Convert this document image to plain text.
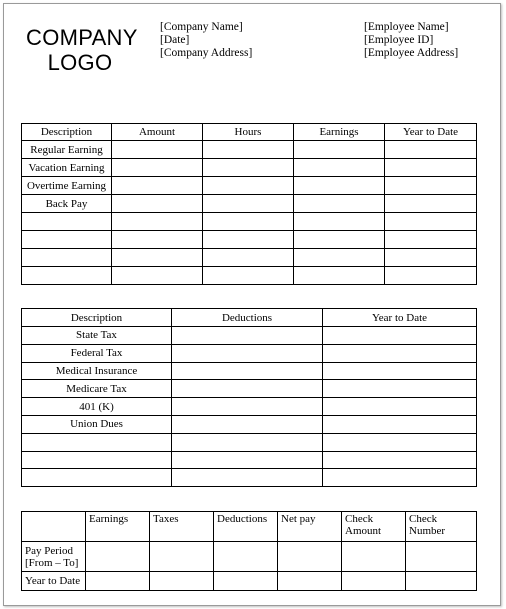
COMPANY
LOGO
[Company Name]
[Date]
[Company Address]
[Employee Name]
[Employee ID]
[Employee Address]
Description	Amount	Hours	Earnings	Year to Date
Regular Earning				
Vacation Earning				
Overtime Earning				
Back Pay				

Description	Deductions	Year to Date
State Tax		
Federal Tax		
Medical Insurance		
Medicare Tax		
401 (K)		
Union Dues		

	Earnings	Taxes	Deductions	Net pay	Check Amount	Check Number
Pay Period [From – To]						
Year to Date						
